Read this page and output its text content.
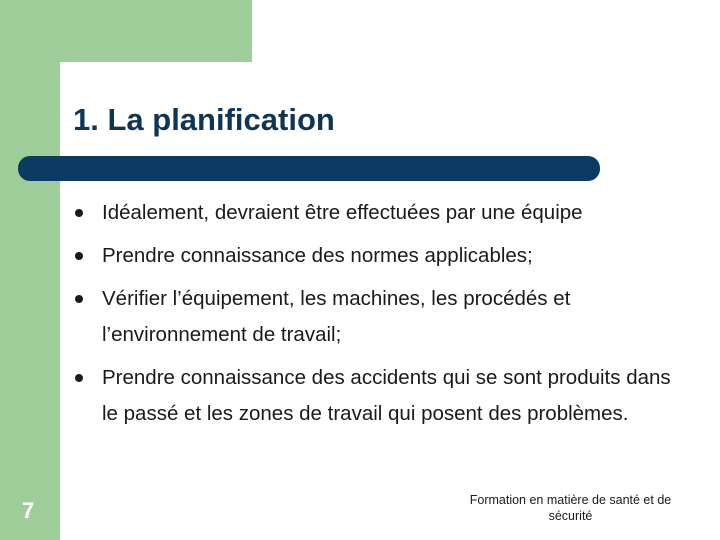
1. La planification
Idéalement, devraient être effectuées par une équipe
Prendre connaissance des normes applicables;
Vérifier l’équipement, les machines, les procédés et l’environnement de travail;
Prendre connaissance des accidents qui se sont produits dans le passé et les zones de travail qui posent des problèmes.
7	Formation en matière de santé et de sécurité
